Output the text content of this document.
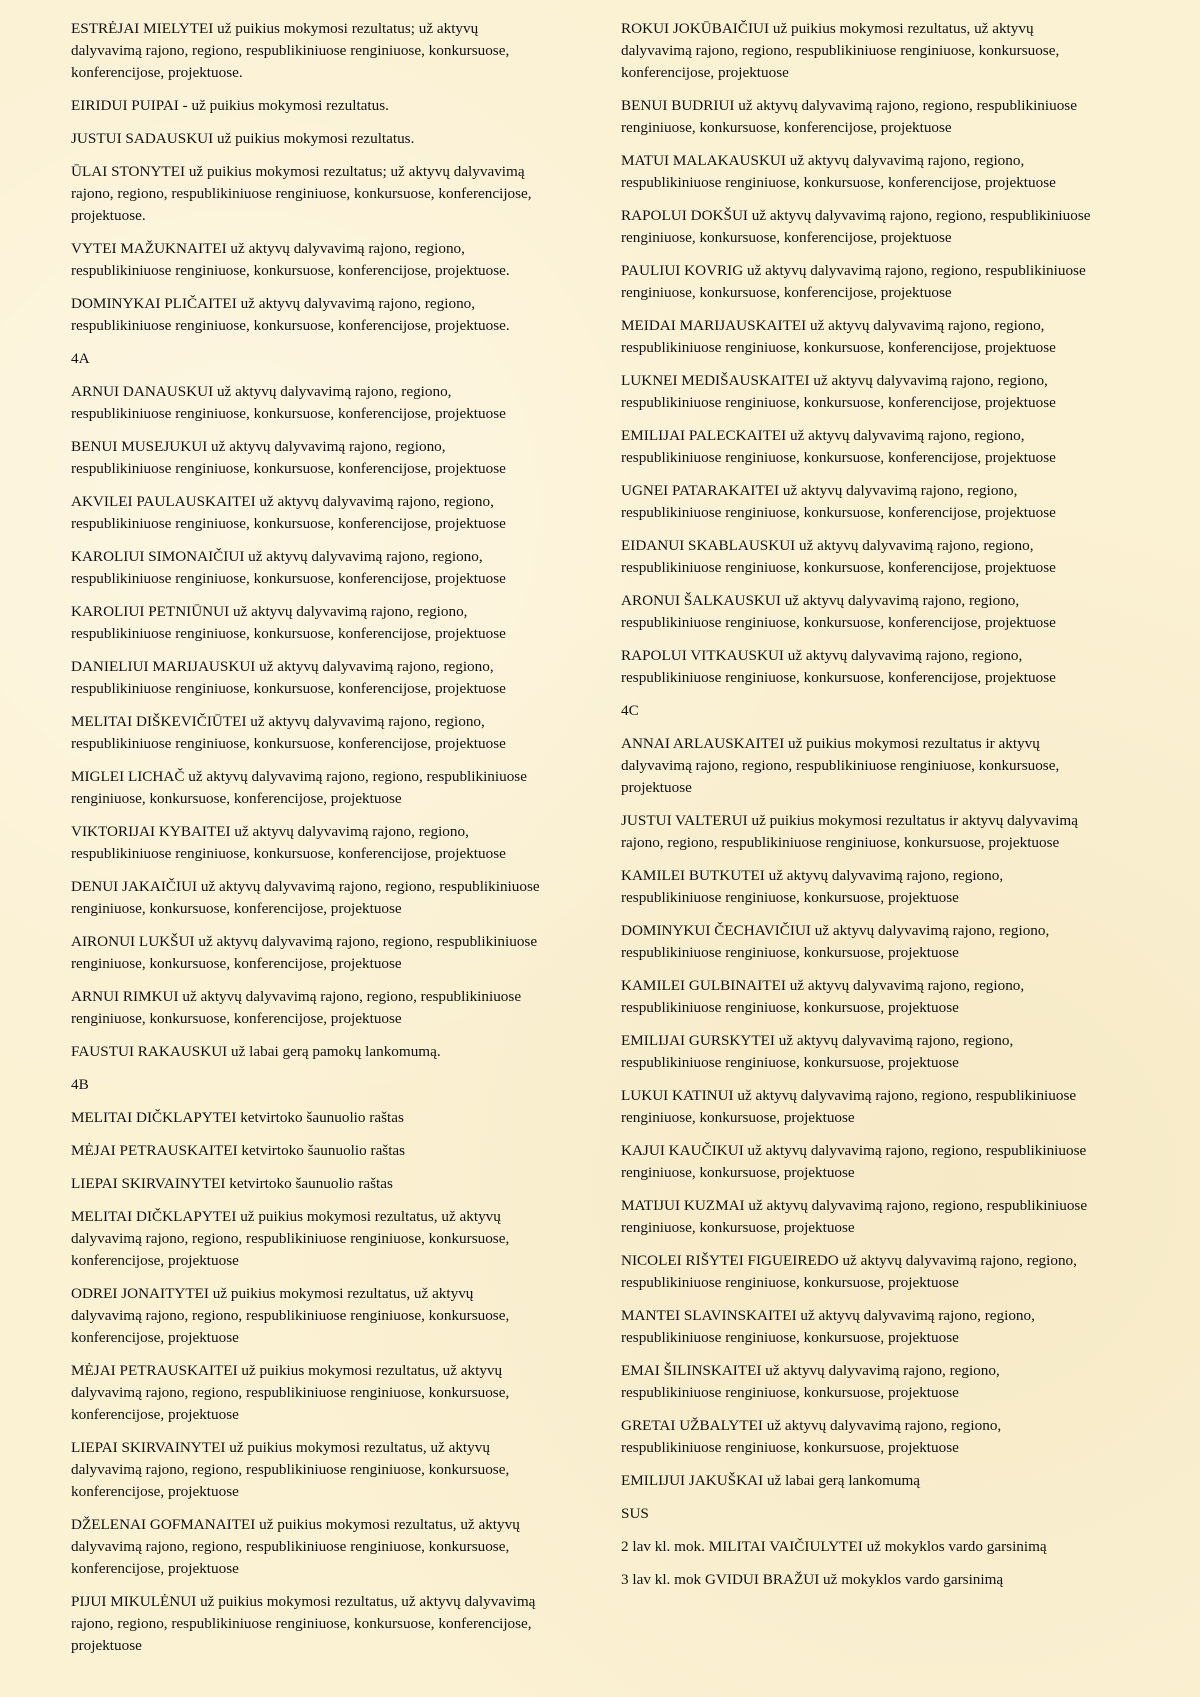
ESTRĖJAI MIELYTEI už puikius mokymosi rezultatus; už aktyvų
dalyvavimą rajono, regiono, respublikiniuose renginiuose, konkursuose,
konferencijose, projektuose.

EIRIDUI PUIPAI - už puikius mokymosi rezultatus.

JUSTUI SADAUSKUI už puikius mokymosi rezultatus.

ŪLAI STONYTEI už puikius mokymosi rezultatus; už aktyvų dalyvavimą
rajono, regiono, respublikiniuose renginiuose, konkursuose, konferencijose,
projektuose.

VYTEI MAŽUKNAITEI už aktyvų dalyvavimą rajono, regiono,
respublikiniuose renginiuose, konkursuose, konferencijose, projektuose.

DOMINYKAI PLIČAITEI už aktyvų dalyvavimą rajono, regiono,
respublikiniuose renginiuose, konkursuose, konferencijose, projektuose.

4A

ARNUI DANAUSKUI už aktyvų dalyvavimą rajono, regiono,
respublikiniuose renginiuose, konkursuose, konferencijose, projektuose

BENUI MUSEJUKUI už aktyvų dalyvavimą rajono, regiono,
respublikiniuose renginiuose, konkursuose, konferencijose, projektuose

AKVILEI PAULAUSKAITEI už aktyvų dalyvavimą rajono, regiono,
respublikiniuose renginiuose, konkursuose, konferencijose, projektuose

KAROLIUI SIMONAIČIUI už aktyvų dalyvavimą rajono, regiono,
respublikiniuose renginiuose, konkursuose, konferencijose, projektuose

KAROLIUI PETNIŪNUI už aktyvų dalyvavimą rajono, regiono,
respublikiniuose renginiuose, konkursuose, konferencijose, projektuose

DANIELIUI MARIJAUSKUI už aktyvų dalyvavimą rajono, regiono,
respublikiniuose renginiuose, konkursuose, konferencijose, projektuose

MELITAI DIŠKEVIČIŪTEI už aktyvų dalyvavimą rajono, regiono,
respublikiniuose renginiuose, konkursuose, konferencijose, projektuose

MIGLEI LICHAČ už aktyvų dalyvavimą rajono, regiono, respublikiniuose
renginiuose, konkursuose, konferencijose, projektuose

VIKTORIJAI KYBAITEI už aktyvų dalyvavimą rajono, regiono,
respublikiniuose renginiuose, konkursuose, konferencijose, projektuose

DENUI JAKAIČIUI už aktyvų dalyvavimą rajono, regiono, respublikiniuose
renginiuose, konkursuose, konferencijose, projektuose

AIRONUI LUKŠUI už aktyvų dalyvavimą rajono, regiono, respublikiniuose
renginiuose, konkursuose, konferencijose, projektuose

ARNUI RIMKUI už aktyvų dalyvavimą rajono, regiono, respublikiniuose
renginiuose, konkursuose, konferencijose, projektuose

FAUSTUI RAKAUSKUI už labai gerą pamokų lankomumą.

4B

MELITAI DIČKLAPYTEI ketvirtoko šaunuolio raštas

MĖJAI PETRAUSKAITEI ketvirtoko šaunuolio raštas

LIEPAI SKIRVAINYTEI ketvirtoko šaunuolio raštas

MELITAI DIČKLAPYTEI už puikius mokymosi rezultatus, už aktyvų
dalyvavimą rajono, regiono, respublikiniuose renginiuose, konkursuose,
konferencijose, projektuose

ODREI JONAITYTEI už puikius mokymosi rezultatus, už aktyvų
dalyvavimą rajono, regiono, respublikiniuose renginiuose, konkursuose,
konferencijose, projektuose

MĖJAI PETRAUSKAITEI už puikius mokymosi rezultatus, už aktyvų
dalyvavimą rajono, regiono, respublikiniuose renginiuose, konkursuose,
konferencijose, projektuose

LIEPAI SKIRVAINYTEI už puikius mokymosi rezultatus, už aktyvų
dalyvavimą rajono, regiono, respublikiniuose renginiuose, konkursuose,
konferencijose, projektuose

DŽELENAI GOFMANAITEI už puikius mokymosi rezultatus, už aktyvų
dalyvavimą rajono, regiono, respublikiniuose renginiuose, konkursuose,
konferencijose, projektuose

PIJUI MIKULĖNUI už puikius mokymosi rezultatus, už aktyvų dalyvavimą
rajono, regiono, respublikiniuose renginiuose, konkursuose, konferencijose,
projektuose

ROKUI JOKŪBAIČIUI už puikius mokymosi rezultatus, už aktyvų
dalyvavimą rajono, regiono, respublikiniuose renginiuose, konkursuose,
konferencijose, projektuose

BENUI BUDRIUI už aktyvų dalyvavimą rajono, regiono, respublikiniuose
renginiuose, konkursuose, konferencijose, projektuose

MATUI MALAKAUSKUI už aktyvų dalyvavimą rajono, regiono,
respublikiniuose renginiuose, konkursuose, konferencijose, projektuose

RAPOLUI DOKŠUI už aktyvų dalyvavimą rajono, regiono, respublikiniuose
renginiuose, konkursuose, konferencijose, projektuose

PAULIUI KOVRIG už aktyvų dalyvavimą rajono, regiono, respublikiniuose
renginiuose, konkursuose, konferencijose, projektuose

MEIDAI MARIJAUSKAITEI už aktyvų dalyvavimą rajono, regiono,
respublikiniuose renginiuose, konkursuose, konferencijose, projektuose

LUKNEI MEDIŠAUSKAITEI už aktyvų dalyvavimą rajono, regiono,
respublikiniuose renginiuose, konkursuose, konferencijose, projektuose

EMILIJAI PALECKAITEI už aktyvų dalyvavimą rajono, regiono,
respublikiniuose renginiuose, konkursuose, konferencijose, projektuose

UGNEI PATARAKAITEI už aktyvų dalyvavimą rajono, regiono,
respublikiniuose renginiuose, konkursuose, konferencijose, projektuose

EIDANUI SKABLAUSKUI už aktyvų dalyvavimą rajono, regiono,
respublikiniuose renginiuose, konkursuose, konferencijose, projektuose

ARONUI ŠALKAUSKUI už aktyvų dalyvavimą rajono, regiono,
respublikiniuose renginiuose, konkursuose, konferencijose, projektuose

RAPOLUI VITKAUSKUI už aktyvų dalyvavimą rajono, regiono,
respublikiniuose renginiuose, konkursuose, konferencijose, projektuose

4C

ANNAI ARLAUSKAITEI už puikius mokymosi rezultatus ir aktyvų
dalyvavimą rajono, regiono, respublikiniuose renginiuose, konkursuose,
projektuose

JUSTUI VALTERUI už puikius mokymosi rezultatus ir aktyvų dalyvavimą
rajono, regiono, respublikiniuose renginiuose, konkursuose, projektuose

KAMILEI BUTKUTEI už aktyvų dalyvavimą rajono, regiono,
respublikiniuose renginiuose, konkursuose, projektuose

DOMINYKUI ČECHAVIČIUI už aktyvų dalyvavimą rajono, regiono,
respublikiniuose renginiuose, konkursuose, projektuose

KAMILEI GULBINAITEI už aktyvų dalyvavimą rajono, regiono,
respublikiniuose renginiuose, konkursuose, projektuose

EMILIJAI GURSKYTEI už aktyvų dalyvavimą rajono, regiono,
respublikiniuose renginiuose, konkursuose, projektuose

LUKUI KATINUI už aktyvų dalyvavimą rajono, regiono, respublikiniuose
renginiuose, konkursuose, projektuose

KAJUI KAUČIKUI už aktyvų dalyvavimą rajono, regiono, respublikiniuose
renginiuose, konkursuose, projektuose

MATIJUI KUZMAI už aktyvų dalyvavimą rajono, regiono, respublikiniuose
renginiuose, konkursuose, projektuose

NICOLEI RIŠYTEI FIGUEIREDO už aktyvų dalyvavimą rajono, regiono,
respublikiniuose renginiuose, konkursuose, projektuose

MANTEI SLAVINSKAITEI už aktyvų dalyvavimą rajono, regiono,
respublikiniuose renginiuose, konkursuose, projektuose

EMAI ŠILINSKAITEI už aktyvų dalyvavimą rajono, regiono,
respublikiniuose renginiuose, konkursuose, projektuose

GRETAI UŽBALYTEI už aktyvų dalyvavimą rajono, regiono,
respublikiniuose renginiuose, konkursuose, projektuose

EMILIJUI JAKUŠKAI už labai gerą lankomumą

SUS

2 lav kl. mok. MILITAI VAIČIULYTEI už mokyklos vardo garsinimą

3 lav kl. mok GVIDUI BRAŽUI už mokyklos vardo garsinimą
